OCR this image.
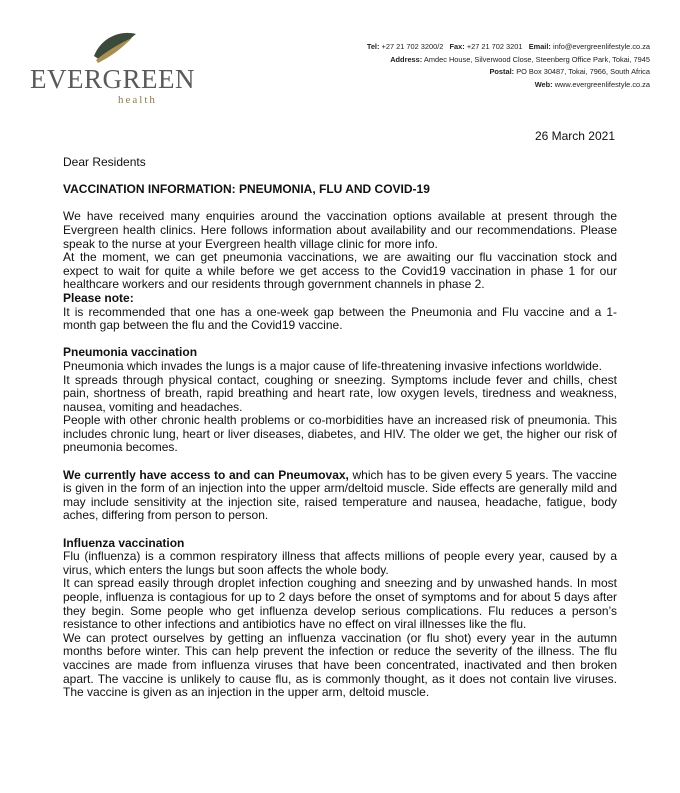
EVERGREEN
health
Tel: +27 21 702 3200/2 Fax: +27 21 702 3201 Email: info@evergreenlifestyle.co.za
Address: Amdec House, Silverwood Close, Steenberg Office Park, Tokai, 7945
Postal: PO Box 30487, Tokai, 7966, South Africa
Web: www.evergreenlifestyle.co.za
26 March 2021

Dear Residents

VACCINATION INFORMATION: PNEUMONIA, FLU AND COVID-19

We have received many enquiries around the vaccination options available at present through the Evergreen health clinics. Here follows information about availability and our recommendations. Please speak to the nurse at your Evergreen health village clinic for more info.

At the moment, we can get pneumonia vaccinations, we are awaiting our flu vaccination stock and expect to wait for quite a while before we get access to the Covid19 vaccination in phase 1 for our healthcare workers and our residents through government channels in phase 2.

Please note:

It is recommended that one has a one-week gap between the Pneumonia and Flu vaccine and a 1-month gap between the flu and the Covid19 vaccine.

Pneumonia vaccination

Pneumonia which invades the lungs is a major cause of life-threatening invasive infections worldwide.

It spreads through physical contact, coughing or sneezing. Symptoms include fever and chills, chest pain, shortness of breath, rapid breathing and heart rate, low oxygen levels, tiredness and weakness, nausea, vomiting and headaches.

People with other chronic health problems or co-morbidities have an increased risk of pneumonia. This includes chronic lung, heart or liver diseases, diabetes, and HIV. The older we get, the higher our risk of pneumonia becomes.

We currently have access to and can Pneumovax, which has to be given every 5 years. The vaccine is given in the form of an injection into the upper arm/deltoid muscle. Side effects are generally mild and may include sensitivity at the injection site, raised temperature and nausea, headache, fatigue, body aches, differing from person to person.

Influenza vaccination

Flu (influenza) is a common respiratory illness that affects millions of people every year, caused by a virus, which enters the lungs but soon affects the whole body.

It can spread easily through droplet infection coughing and sneezing and by unwashed hands. In most people, influenza is contagious for up to 2 days before the onset of symptoms and for about 5 days after they begin. Some people who get influenza develop serious complications. Flu reduces a person’s resistance to other infections and antibiotics have no effect on viral illnesses like the flu.

We can protect ourselves by getting an influenza vaccination (or flu shot) every year in the autumn months before winter. This can help prevent the infection or reduce the severity of the illness. The flu vaccines are made from influenza viruses that have been concentrated, inactivated and then broken apart. The vaccine is unlikely to cause flu, as is commonly thought, as it does not contain live viruses. The vaccine is given as an injection in the upper arm, deltoid muscle.
